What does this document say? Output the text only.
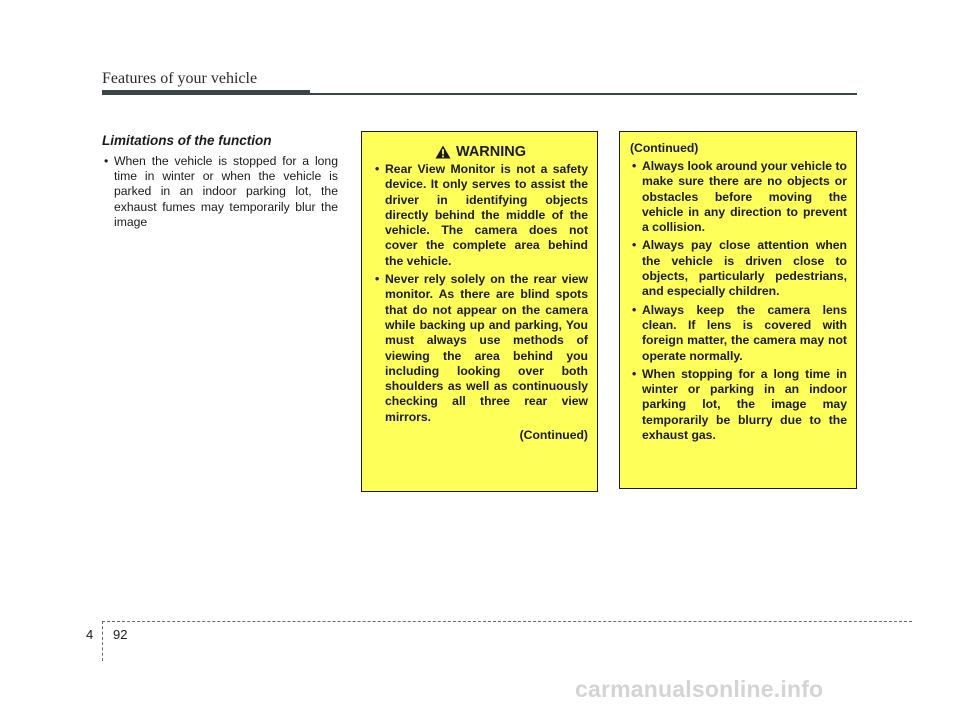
Features of your vehicle

Limitations of the function

• When the vehicle is stopped for a long time in winter or when the vehicle is parked in an indoor parking lot, the exhaust fumes may temporarily blur the image
WARNING
• Rear View Monitor is not a safety device. It only serves to assist the driver in identifying objects directly behind the middle of the vehicle. The camera does not cover the complete area behind the vehicle.
• Never rely solely on the rear view monitor. As there are blind spots that do not appear on the camera while backing up and parking, You must always use methods of viewing the area behind you including looking over both shoulders as well as continuously checking all three rear view mirrors.
(Continued)
(Continued)
• Always look around your vehicle to make sure there are no objects or obstacles before moving the vehicle in any direction to prevent a collision.
• Always pay close attention when the vehicle is driven close to objects, particularly pedestrians, and especially children.
• Always keep the camera lens clean. If lens is covered with foreign matter, the camera may not operate normally.
• When stopping for a long time in winter or parking in an indoor parking lot, the image may temporarily be blurry due to the exhaust gas.
4 92
carmanualsonline.info
